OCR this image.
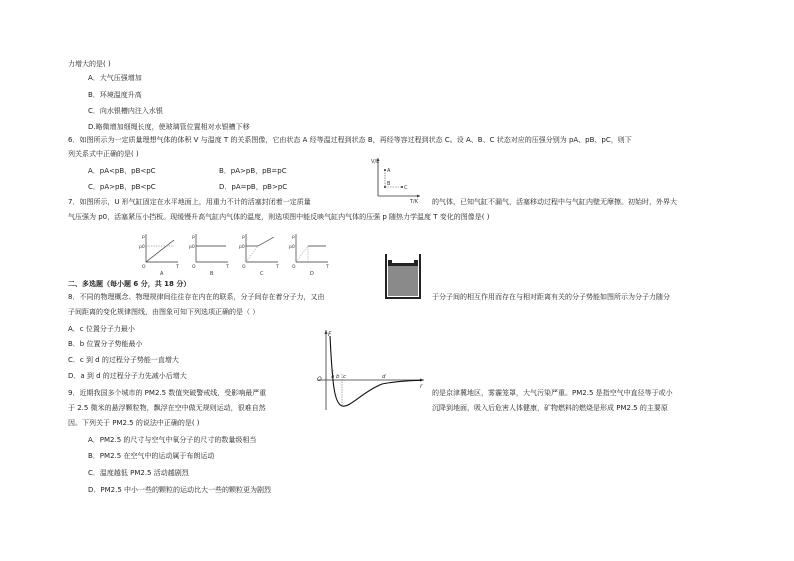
力增大的是( )
A．大气压强增加
B．环境温度升高
C．向水银槽内注入水银
D.略微增加细绳长度，使玻璃管位置相对水银槽下移
6．如图所示为一定质量理想气体的体积 V 与温度 T 的关系图像，它由状态 A 经等温过程到状态 B，再经等容过程到状态 C。设 A、B、C 状态对应的压强分别为 pA、pB、pC，则下
列关系式中正确的是( )
A．pA<pB，pB<pC	B．pA>pB，pB=pC
C．pA>pB，pB<pC	D．pA=pB，pB>pC
V/L
T/K
A
B
C
7．如图所示，U 形气缸固定在水平地面上，用重力不计的活塞封闭着一定质量	的气体，已知气缸不漏气，活塞移动过程中与气缸内壁无摩擦。初始时，外界大
气压强为 p0，活塞紧压小挡板。现缓慢升高气缸内气体的温度，则选项图中能反映气缸内气体的压强 p 随热力学温度 T 变化的图像是( )
p
p0
O	T
A
p
p0
O	T
B
p
p0
O	T
C
p
p0
O	T
D
二、多选题（每小题 6 分，共 18 分）
8．不同的物理概念、物理规律间往往存在内在的联系，分子间存在着分子力，又由	于分子间的相互作用而存在与相对距离有关的分子势能如图所示为分子力随分
子间距离的变化规律图线，由图象可知下列选项正确的是（ ）
A．c 位置分子力最小
B．b 位置分子势能最小
C．c 到 d 的过程分子势能一直增大
D．a 到 d 的过程分子力先减小后增大
F
r
O a b c	d
9．近期我国多个城市的 PM2.5 数值突破警戒线，受影响最严重	的是京津冀地区，雾霾笼罩，大气污染严重。PM2.5 是指空气中直径等于或小
于 2.5 微米的悬浮颗粒物，飘浮在空中做无规则运动，很难自然	沉降到地面，吸入后危害人体健康，矿物燃料的燃烧是形成 PM2.5 的主要原
因。下列关于 PM2.5 的说法中正确的是( )
A．PM2.5 的尺寸与空气中氧分子的尺寸的数量级相当
B．PM2.5 在空气中的运动属于布朗运动
C．温度越低 PM2.5 活动越剧烈
D．PM2.5 中小一些的颗粒的运动比大一些的颗粒更为剧烈
